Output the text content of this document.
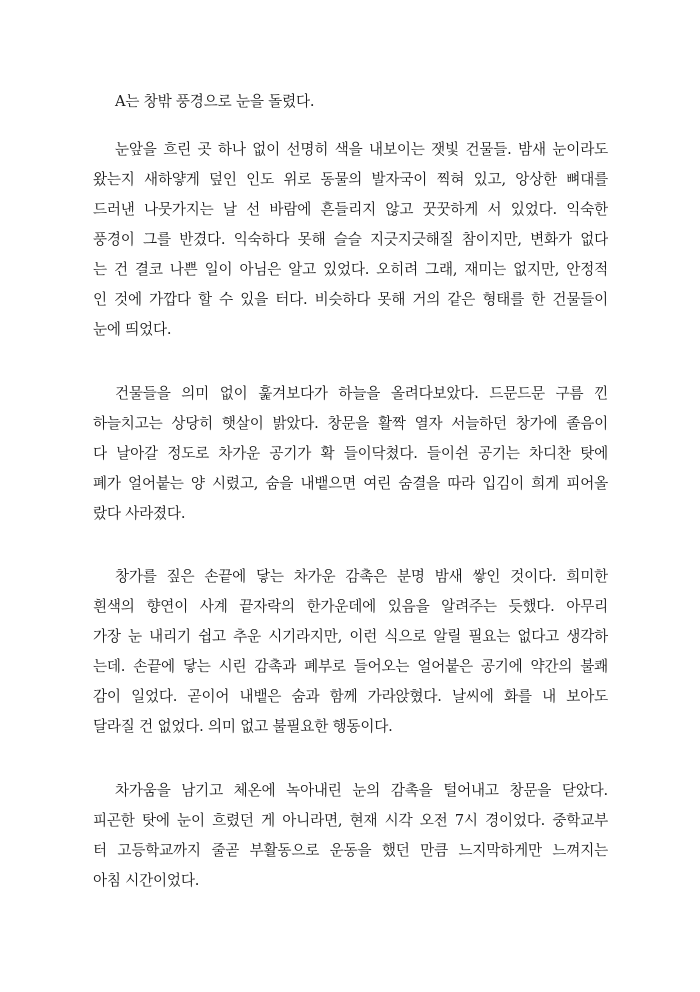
A는 창밖 풍경으로 눈을 돌렸다.
눈앞을 흐린 곳 하나 없이 선명히 색을 내보이는 잿빛 건물들. 밤새 눈이라도
왔는지 새하얗게 덮인 인도 위로 동물의 발자국이 찍혀 있고, 앙상한 뼈대를
드러낸 나뭇가지는 날 선 바람에 흔들리지 않고 꿋꿋하게 서 있었다. 익숙한
풍경이 그를 반겼다. 익숙하다 못해 슬슬 지긋지긋해질 참이지만, 변화가 없다
는 건 결코 나쁜 일이 아님은 알고 있었다. 오히려 그래, 재미는 없지만, 안정적
인 것에 가깝다 할 수 있을 터다. 비슷하다 못해 거의 같은 형태를 한 건물들이
눈에 띄었다.
건물들을 의미 없이 훑겨보다가 하늘을 올려다보았다. 드문드문 구름 낀
하늘치고는 상당히 햇살이 밝았다. 창문을 활짝 열자 서늘하던 창가에 졸음이
다 날아갈 정도로 차가운 공기가 확 들이닥쳤다. 들이쉰 공기는 차디찬 탓에
폐가 얼어붙는 양 시렸고, 숨을 내뱉으면 여린 숨결을 따라 입김이 희게 피어올
랐다 사라졌다.
창가를 짚은 손끝에 닿는 차가운 감촉은 분명 밤새 쌓인 것이다. 희미한
흰색의 향연이 사계 끝자락의 한가운데에 있음을 알려주는 듯했다. 아무리
가장 눈 내리기 쉽고 추운 시기라지만, 이런 식으로 알릴 필요는 없다고 생각하
는데. 손끝에 닿는 시린 감촉과 폐부로 들어오는 얼어붙은 공기에 약간의 불쾌
감이 일었다. 곧이어 내뱉은 숨과 함께 가라앉혔다. 날씨에 화를 내 보아도
달라질 건 없었다. 의미 없고 불필요한 행동이다.
차가움을 남기고 체온에 녹아내린 눈의 감촉을 털어내고 창문을 닫았다.
피곤한 탓에 눈이 흐렸던 게 아니라면, 현재 시각 오전 7시 경이었다. 중학교부
터 고등학교까지 줄곧 부활동으로 운동을 했던 만큼 느지막하게만 느껴지는
아침 시간이었다.
